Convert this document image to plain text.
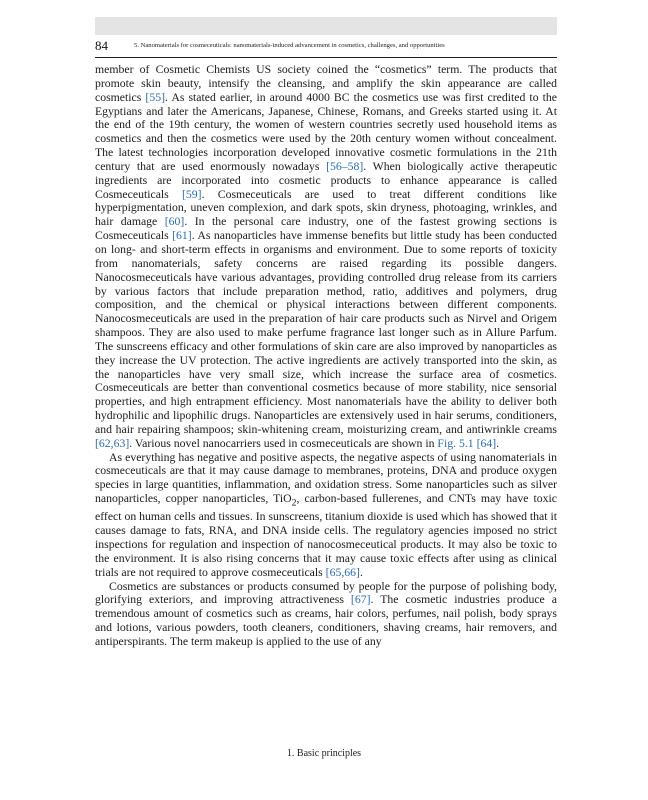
84	5. Nanomaterials for cosmeceuticals: nanomaterials-induced advancement in cosmetics, challenges, and opportunities

member of Cosmetic Chemists US society coined the “cosmetics” term. The products that promote skin beauty, intensify the cleansing, and amplify the skin appearance are called cosmetics [55]. As stated earlier, in around 4000 BC the cosmetics use was first credited to the Egyptians and later the Americans, Japanese, Chinese, Romans, and Greeks started using it. At the end of the 19th century, the women of western countries secretly used household items as cosmetics and then the cosmetics were used by the 20th century women without concealment. The latest technologies incorporation developed innovative cosmetic formulations in the 21th century that are used enormously nowadays [56–58]. When biologically active therapeutic ingredients are incorporated into cosmetic products to enhance appearance is called Cosmeceuticals [59]. Cosmeceuticals are used to treat different conditions like hyperpigmentation, uneven complexion, and dark spots, skin dryness, photoaging, wrinkles, and hair damage [60]. In the personal care industry, one of the fastest growing sections is Cosmeceuticals [61]. As nanoparticles have immense benefits but little study has been conducted on long- and short-term effects in organisms and environment. Due to some reports of toxicity from nanomaterials, safety concerns are raised regarding its possible dangers. Nanocosmeceuticals have various advantages, providing controlled drug release from its carriers by various factors that include preparation method, ratio, additives and polymers, drug composition, and the chemical or physical interactions between different components. Nanocosmeceuticals are used in the preparation of hair care products such as Nirvel and Origem shampoos. They are also used to make perfume fragrance last longer such as in Allure Parfum. The sunscreens efficacy and other formulations of skin care are also improved by nanoparticles as they increase the UV protection. The active ingredients are actively transported into the skin, as the nanoparticles have very small size, which increase the surface area of cosmetics. Cosmeceuticals are better than conventional cosmetics because of more stability, nice sensorial properties, and high entrapment efficiency. Most nanomaterials have the ability to deliver both hydrophilic and lipophilic drugs. Nanoparticles are extensively used in hair serums, conditioners, and hair repairing shampoos; skin-whitening cream, moisturizing cream, and antiwrinkle creams [62,63]. Various novel nanocarriers used in cosmeceuticals are shown in Fig. 5.1 [64].

As everything has negative and positive aspects, the negative aspects of using nanomaterials in cosmeceuticals are that it may cause damage to membranes, proteins, DNA and produce oxygen species in large quantities, inflammation, and oxidation stress. Some nanoparticles such as silver nanoparticles, copper nanoparticles, TiO$_2$, carbon-based fullerenes, and CNTs may have toxic effect on human cells and tissues. In sunscreens, titanium dioxide is used which has showed that it causes damage to fats, RNA, and DNA inside cells. The regulatory agencies imposed no strict inspections for regulation and inspection of nanocosmeceutical products. It may also be toxic to the environment. It is also rising concerns that it may cause toxic effects after using as clinical trials are not required to approve cosmeceuticals [65,66].

Cosmetics are substances or products consumed by people for the purpose of polishing body, glorifying exteriors, and improving attractiveness [67]. The cosmetic industries produce a tremendous amount of cosmetics such as creams, hair colors, perfumes, nail polish, body sprays and lotions, various powders, tooth cleaners, conditioners, shaving creams, hair removers, and antiperspirants. The term makeup is applied to the use of any

1. Basic principles
